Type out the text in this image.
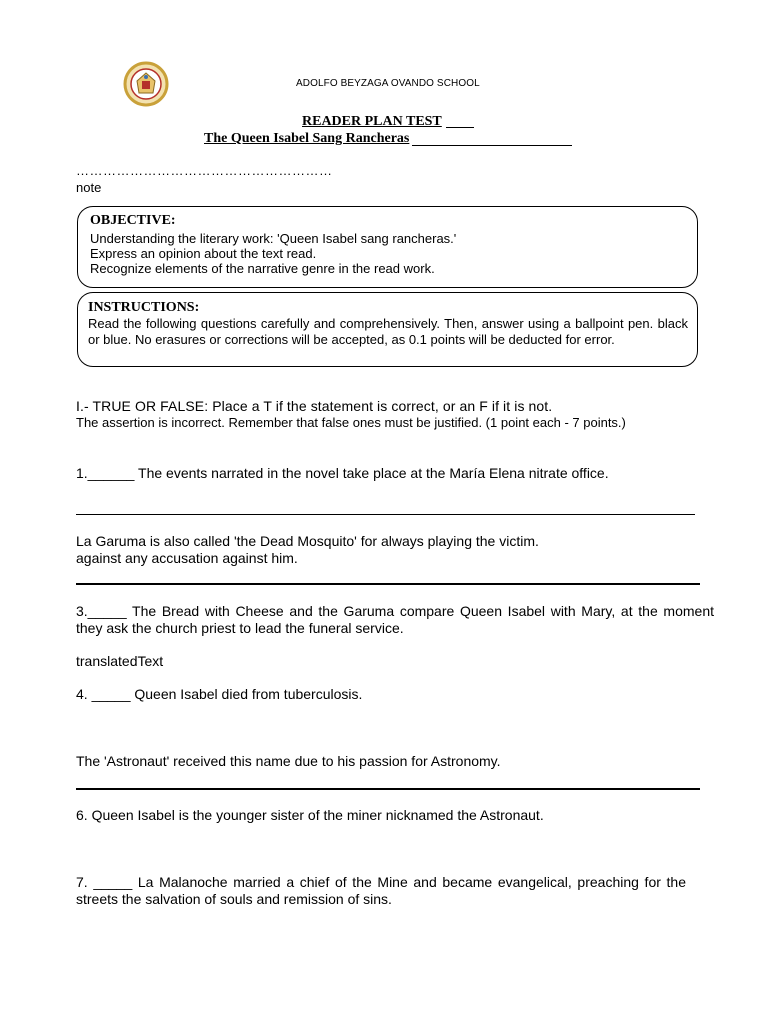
ADOLFO BEYZAGA OVANDO SCHOOL
READER PLAN TEST
The Queen Isabel Sang Rancheras
…………………………………………………
note
OBJECTIVE:
Understanding the literary work: 'Queen Isabel sang rancheras.'
Express an opinion about the text read.
Recognize elements of the narrative genre in the read work.
INSTRUCTIONS:
Read the following questions carefully and comprehensively. Then, answer using a ballpoint pen. black or blue. No erasures or corrections will be accepted, as 0.1 points will be deducted for error.
I.- TRUE OR FALSE: Place a T if the statement is correct, or an F if it is not.
The assertion is incorrect. Remember that false ones must be justified. (1 point each - 7 points.)
1.______ The events narrated in the novel take place at the María Elena nitrate office.
La Garuma is also called 'the Dead Mosquito' for always playing the victim.
against any accusation against him.
3._____ The Bread with Cheese and the Garuma compare Queen Isabel with Mary, at the moment they ask the church priest to lead the funeral service.
translatedText
4. _____ Queen Isabel died from tuberculosis.
The 'Astronaut' received this name due to his passion for Astronomy.
6. Queen Isabel is the younger sister of the miner nicknamed the Astronaut.
7. _____ La Malanoche married a chief of the Mine and became evangelical, preaching for the streets the salvation of souls and remission of sins.
